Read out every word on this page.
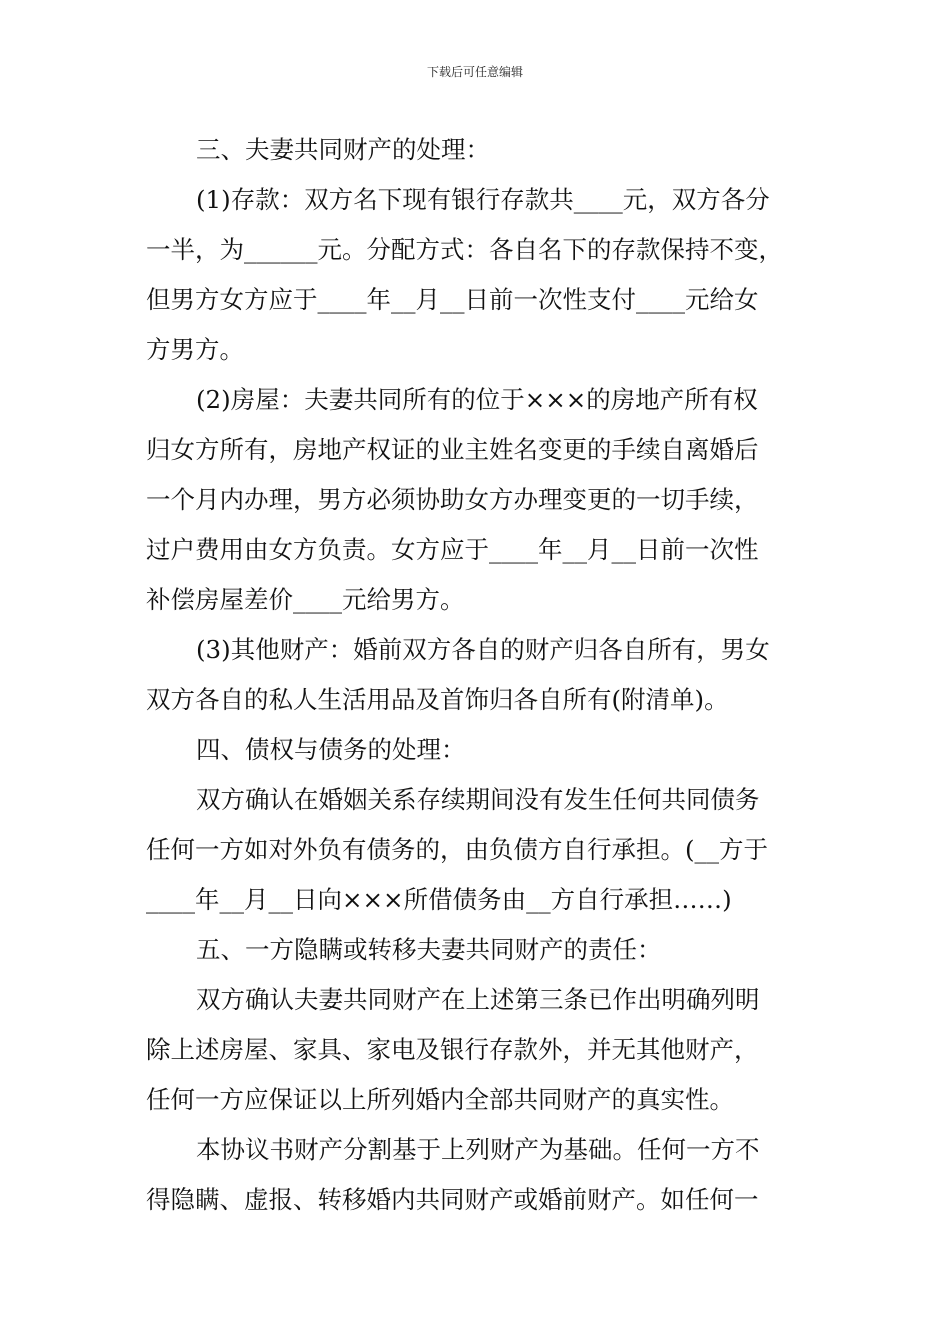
下载后可任意编辑
三、夫妻共同财产的处理：
(1)存款：双方名下现有银行存款共____元，双方各分
一半，为______元。分配方式：各自名下的存款保持不变，
但男方女方应于____年__月__日前一次性支付____元给女
方男方。
(2)房屋：夫妻共同所有的位于×××的房地产所有权
归女方所有，房地产权证的业主姓名变更的手续自离婚后
一个月内办理，男方必须协助女方办理变更的一切手续，
过户费用由女方负责。女方应于____年__月__日前一次性
补偿房屋差价____元给男方。
(3)其他财产：婚前双方各自的财产归各自所有，男女
双方各自的私人生活用品及首饰归各自所有(附清单)。
四、债权与债务的处理：
双方确认在婚姻关系存续期间没有发生任何共同债务
任何一方如对外负有债务的，由负债方自行承担。(__方于
____年__月__日向×××所借债务由__方自行承担……)
五、一方隐瞒或转移夫妻共同财产的责任：
双方确认夫妻共同财产在上述第三条已作出明确列明
除上述房屋、家具、家电及银行存款外，并无其他财产，
任何一方应保证以上所列婚内全部共同财产的真实性。
本协议书财产分割基于上列财产为基础。任何一方不
得隐瞒、虚报、转移婚内共同财产或婚前财产。如任何一
